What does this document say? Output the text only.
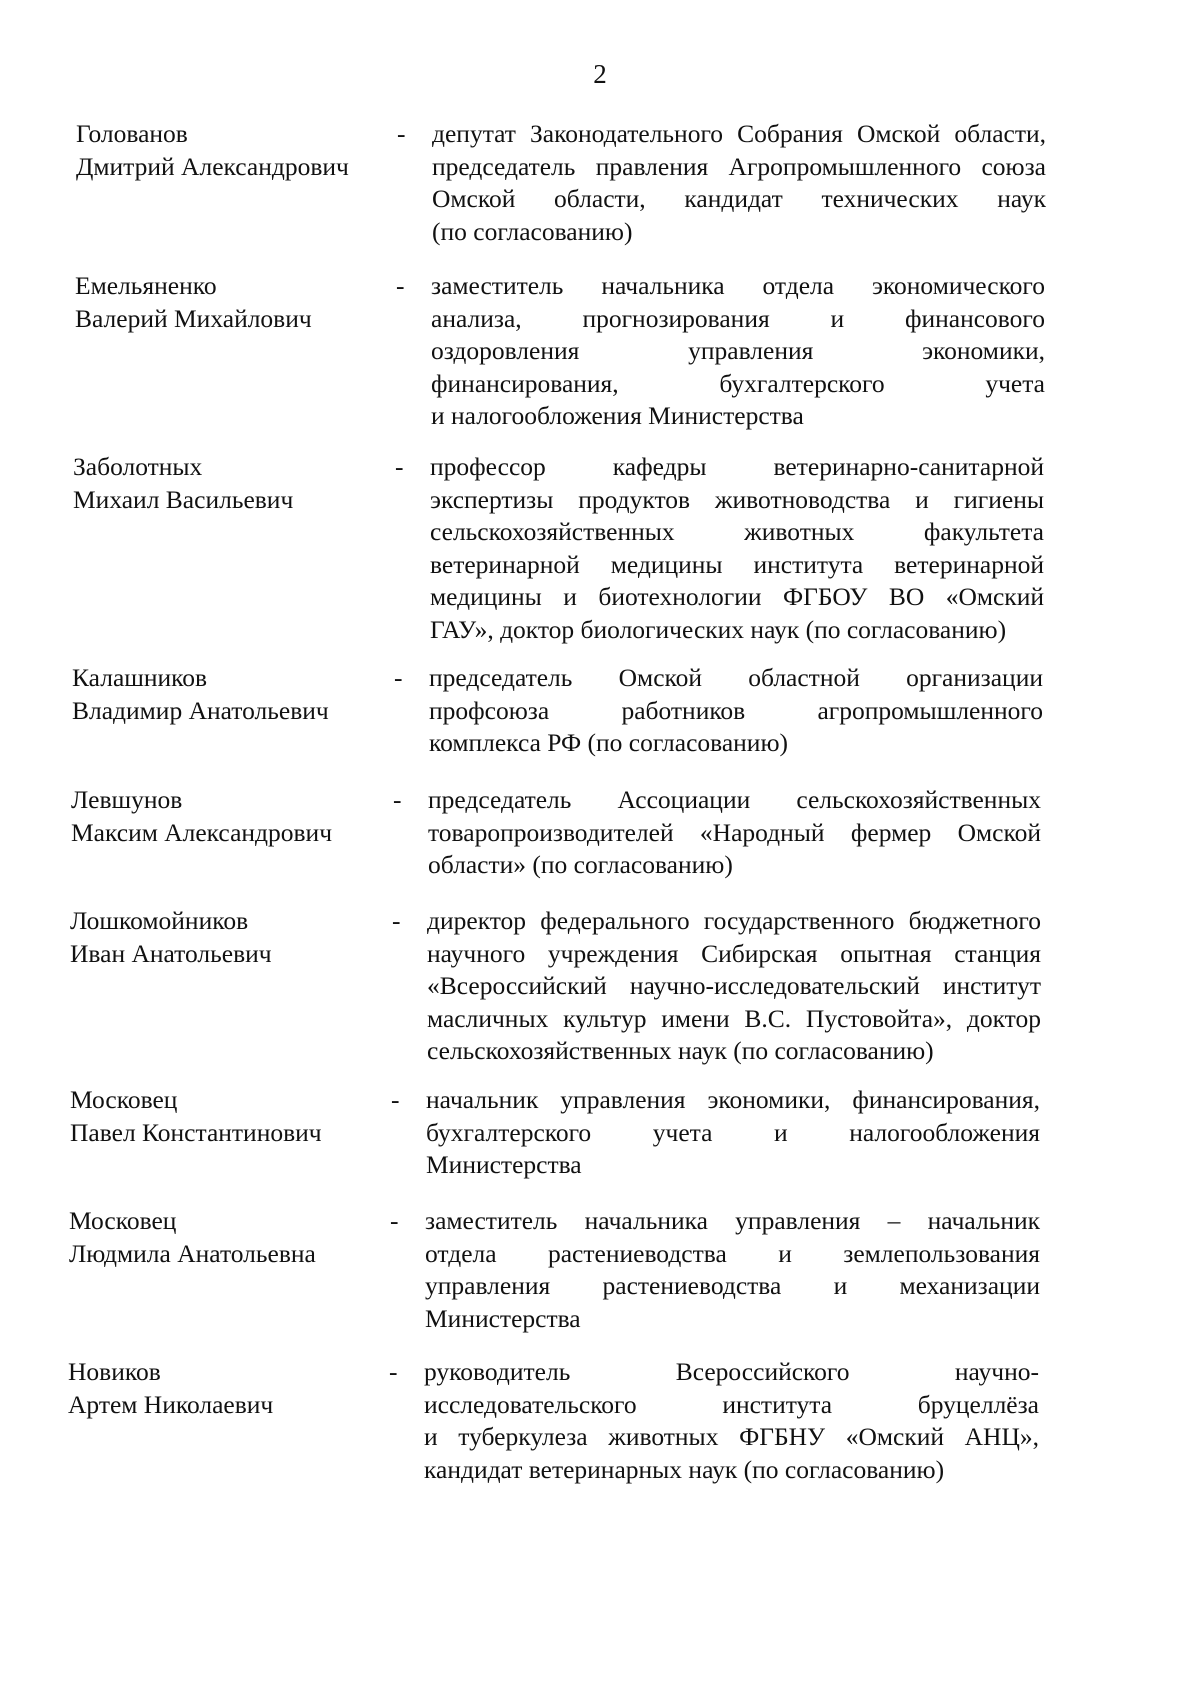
2
Голованов
Дмитрий Александрович
- депутат Законодательного Собрания Омской области,
председатель правления Агропромышленного союза
Омской области, кандидат технических наук
(по согласованию)
Емельяненко
Валерий Михайлович
- заместитель начальника отдела экономического
анализа, прогнозирования и финансового
оздоровления управления экономики,
финансирования, бухгалтерского учета
и налогообложения Министерства
Заболотных
Михаил Васильевич
- профессор кафедры ветеринарно-санитарной
экспертизы продуктов животноводства и гигиены
сельскохозяйственных животных факультета
ветеринарной медицины института ветеринарной
медицины и биотехнологии ФГБОУ ВО «Омский
ГАУ», доктор биологических наук (по согласованию)
Калашников
Владимир Анатольевич
- председатель Омской областной организации
профсоюза работников агропромышленного
комплекса РФ (по согласованию)
Левшунов
Максим Александрович
- председатель Ассоциации сельскохозяйственных
товаропроизводителей «Народный фермер Омской
области» (по согласованию)
Лошкомойников
Иван Анатольевич
- директор федерального государственного бюджетного
научного учреждения Сибирская опытная станция
«Всероссийский научно-исследовательский институт
масличных культур имени В.С. Пустовойта», доктор
сельскохозяйственных наук (по согласованию)
Московец
Павел Константинович
- начальник управления экономики, финансирования,
бухгалтерского учета и налогообложения
Министерства
Московец
Людмила Анатольевна
- заместитель начальника управления – начальник
отдела растениеводства и землепользования
управления растениеводства и механизации
Министерства
Новиков
Артем Николаевич
- руководитель Всероссийского научно-
исследовательского института бруцеллёза
и туберкулеза животных ФГБНУ «Омский АНЦ»,
кандидат ветеринарных наук (по согласованию)
